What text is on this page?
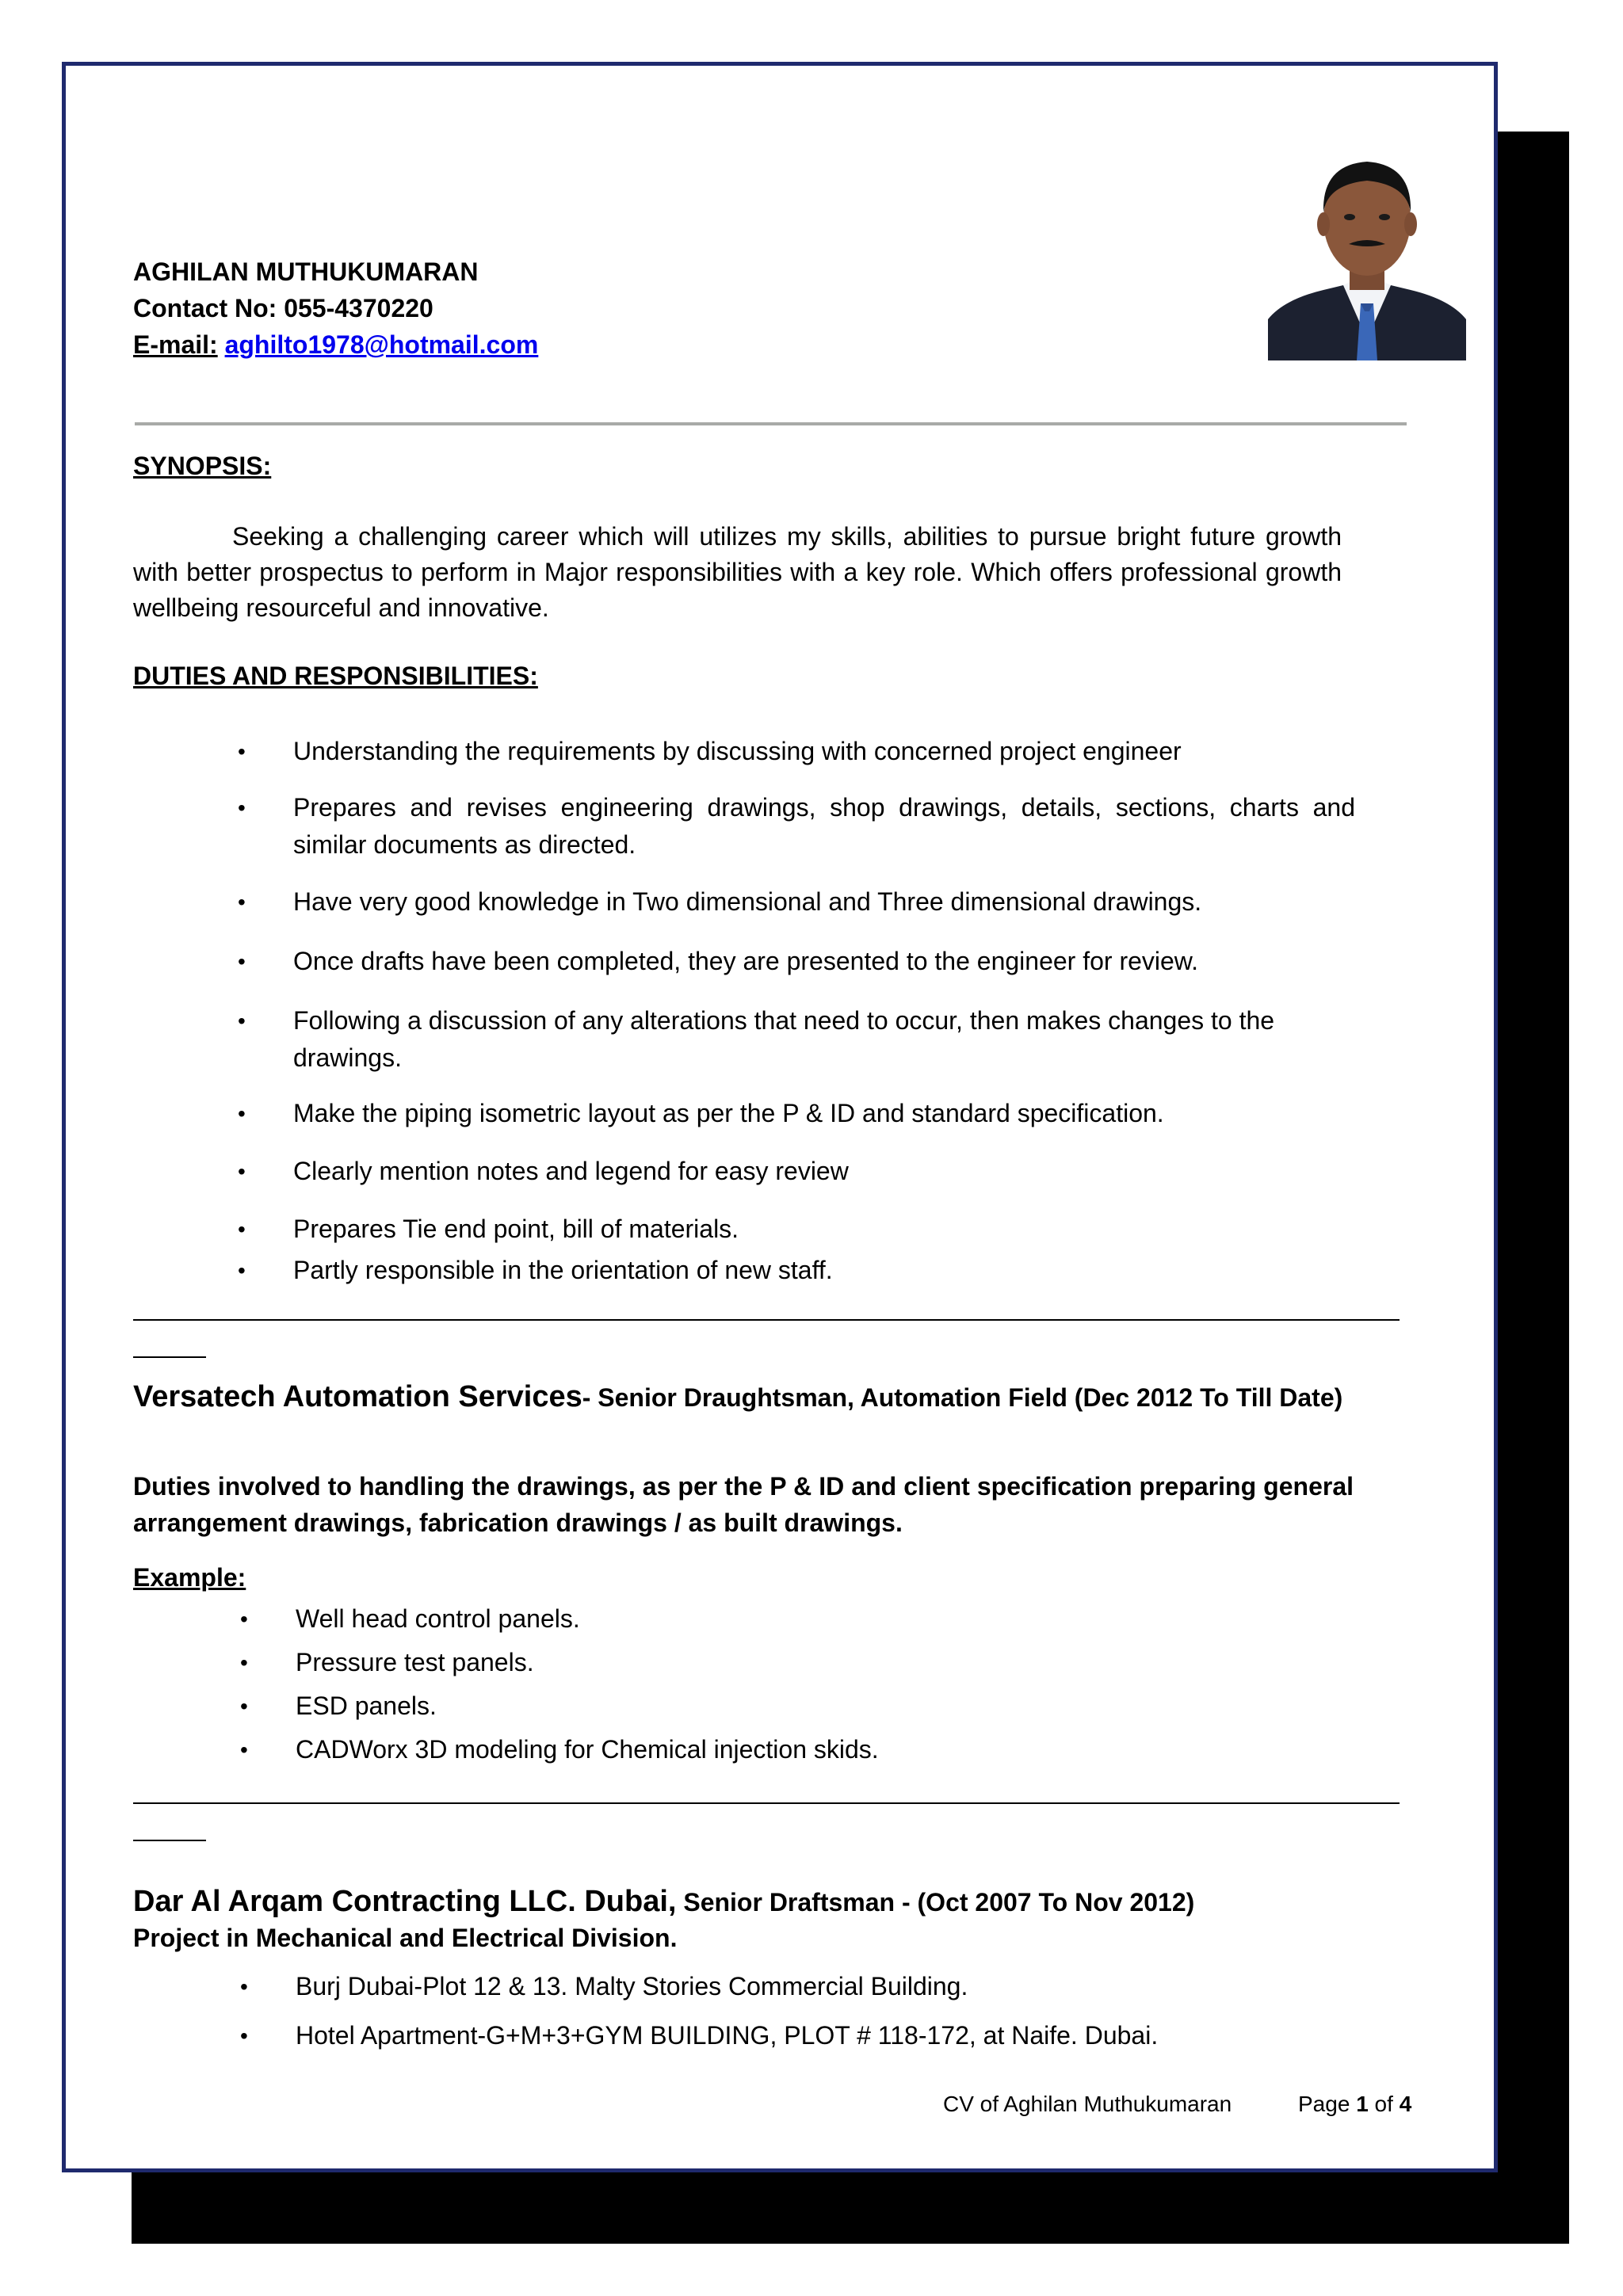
AGHILAN MUTHUKUMARAN
Contact No: 055-4370220
E-mail: aghilto1978@hotmail.com
SYNOPSIS:
Seeking a challenging career which will utilizes my skills, abilities to pursue bright future growth with better prospectus to perform in Major responsibilities with a key role. Which offers professional growth wellbeing resourceful and innovative.
DUTIES AND RESPONSIBILITIES:
• Understanding the requirements by discussing with concerned project engineer
• Prepares and revises engineering drawings, shop drawings, details, sections, charts and similar documents as directed.
• Have very good knowledge in Two dimensional and Three dimensional drawings.
• Once drafts have been completed, they are presented to the engineer for review.
• Following a discussion of any alterations that need to occur, then makes changes to the drawings.
• Make the piping isometric layout as per the P & ID and standard specification.
• Clearly mention notes and legend for easy review
• Prepares Tie end point, bill of materials.
• Partly responsible in the orientation of new staff.
Versatech Automation Services- Senior Draughtsman, Automation Field (Dec 2012 To Till Date)
Duties involved to handling the drawings, as per the P & ID and client specification preparing general arrangement drawings, fabrication drawings / as built drawings.
Example:
• Well head control panels.
• Pressure test panels.
• ESD panels.
• CADWorx 3D modeling for Chemical injection skids.
Dar Al Arqam Contracting LLC. Dubai, Senior Draftsman - (Oct 2007 To Nov 2012)
Project in Mechanical and Electrical Division.
• Burj Dubai-Plot 12 & 13. Malty Stories Commercial Building.
• Hotel Apartment-G+M+3+GYM BUILDING, PLOT # 118-172, at Naife. Dubai.
CV of Aghilan Muthukumaran	Page 1 of 4
